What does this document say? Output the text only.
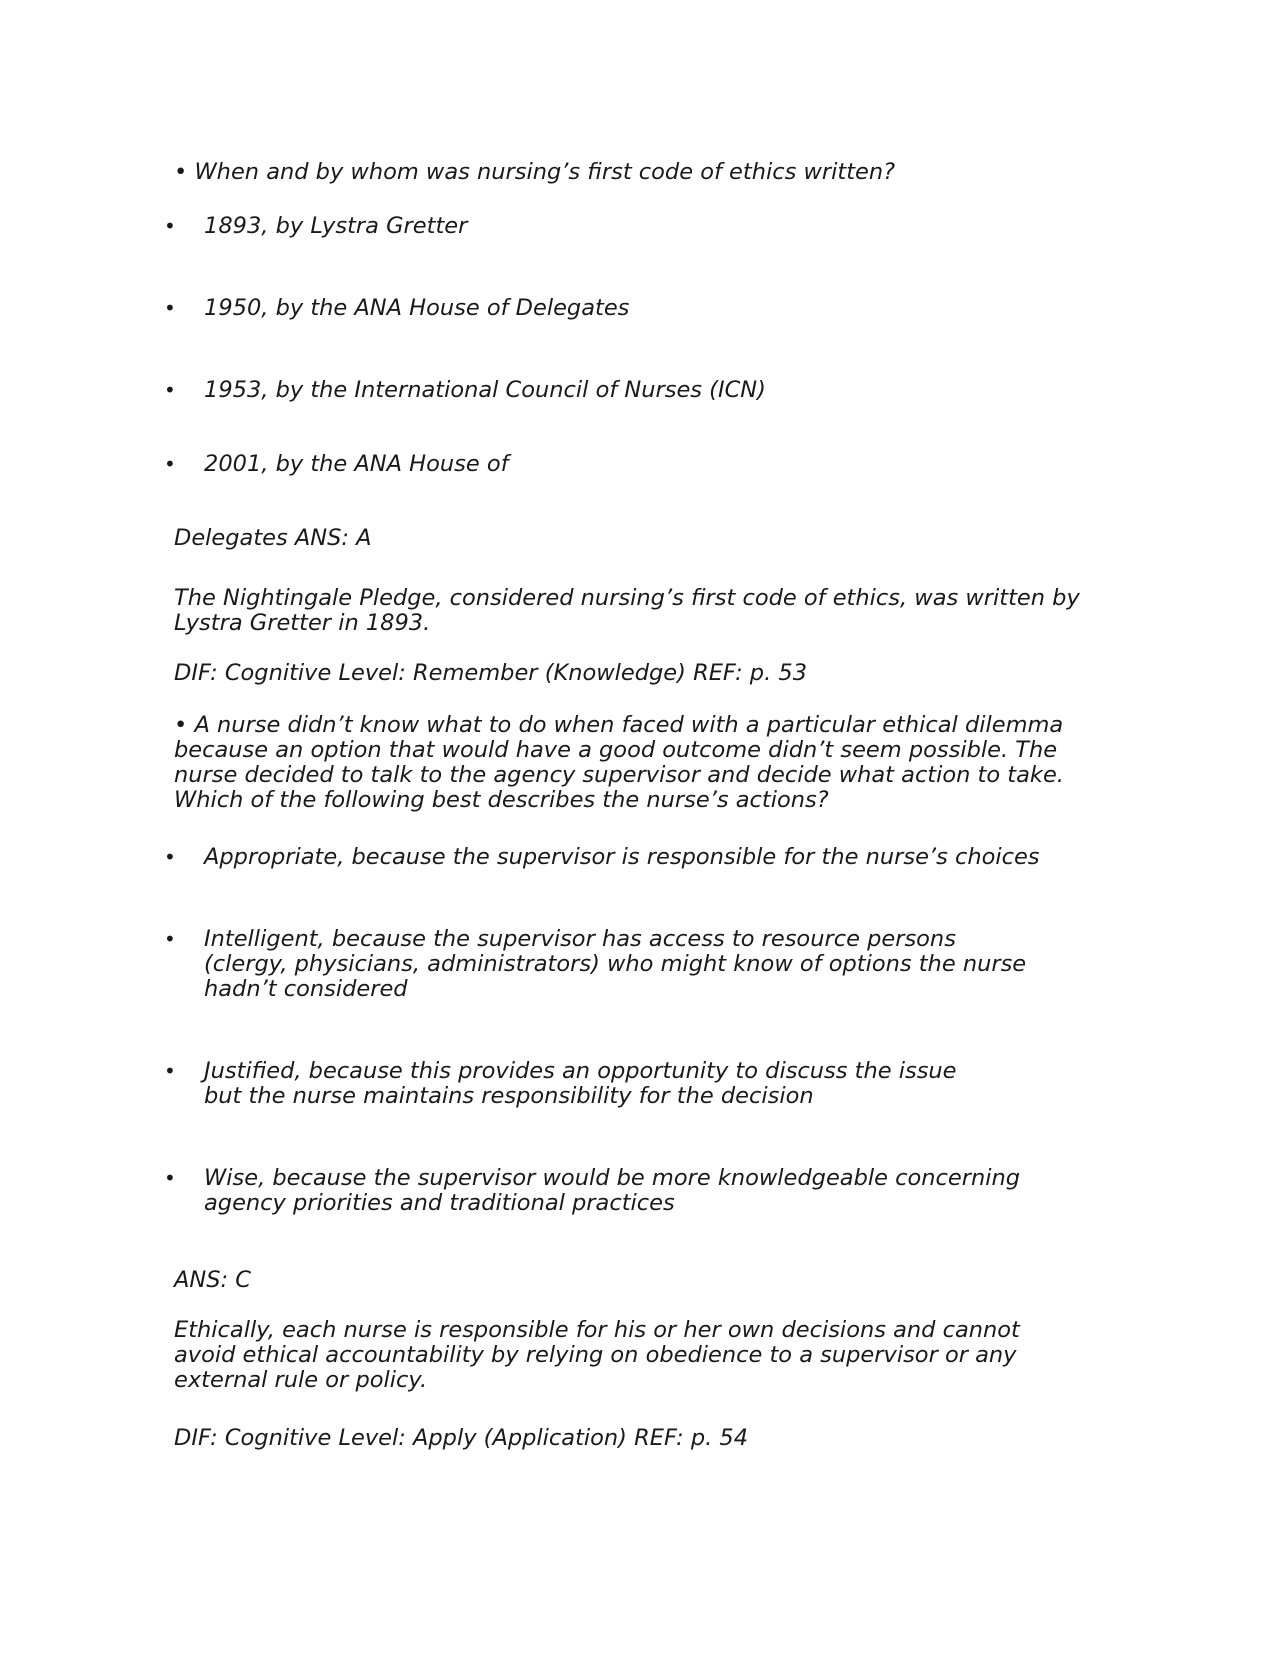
• When and by whom was nursing’s first code of ethics written?
• 1893, by Lystra Gretter
• 1950, by the ANA House of Delegates
• 1953, by the International Council of Nurses (ICN)
• 2001, by the ANA House of
Delegates ANS: A
The Nightingale Pledge, considered nursing’s first code of ethics, was written by
Lystra Gretter in 1893.
DIF: Cognitive Level: Remember (Knowledge) REF: p. 53
• A nurse didn’t know what to do when faced with a particular ethical dilemma
because an option that would have a good outcome didn’t seem possible. The
nurse decided to talk to the agency supervisor and decide what action to take.
Which of the following best describes the nurse’s actions?
• Appropriate, because the supervisor is responsible for the nurse’s choices
• Intelligent, because the supervisor has access to resource persons
(clergy, physicians, administrators) who might know of options the nurse
hadn’t considered
• Justified, because this provides an opportunity to discuss the issue
but the nurse maintains responsibility for the decision
• Wise, because the supervisor would be more knowledgeable concerning
agency priorities and traditional practices
ANS: C
Ethically, each nurse is responsible for his or her own decisions and cannot
avoid ethical accountability by relying on obedience to a supervisor or any
external rule or policy.
DIF: Cognitive Level: Apply (Application) REF: p. 54
